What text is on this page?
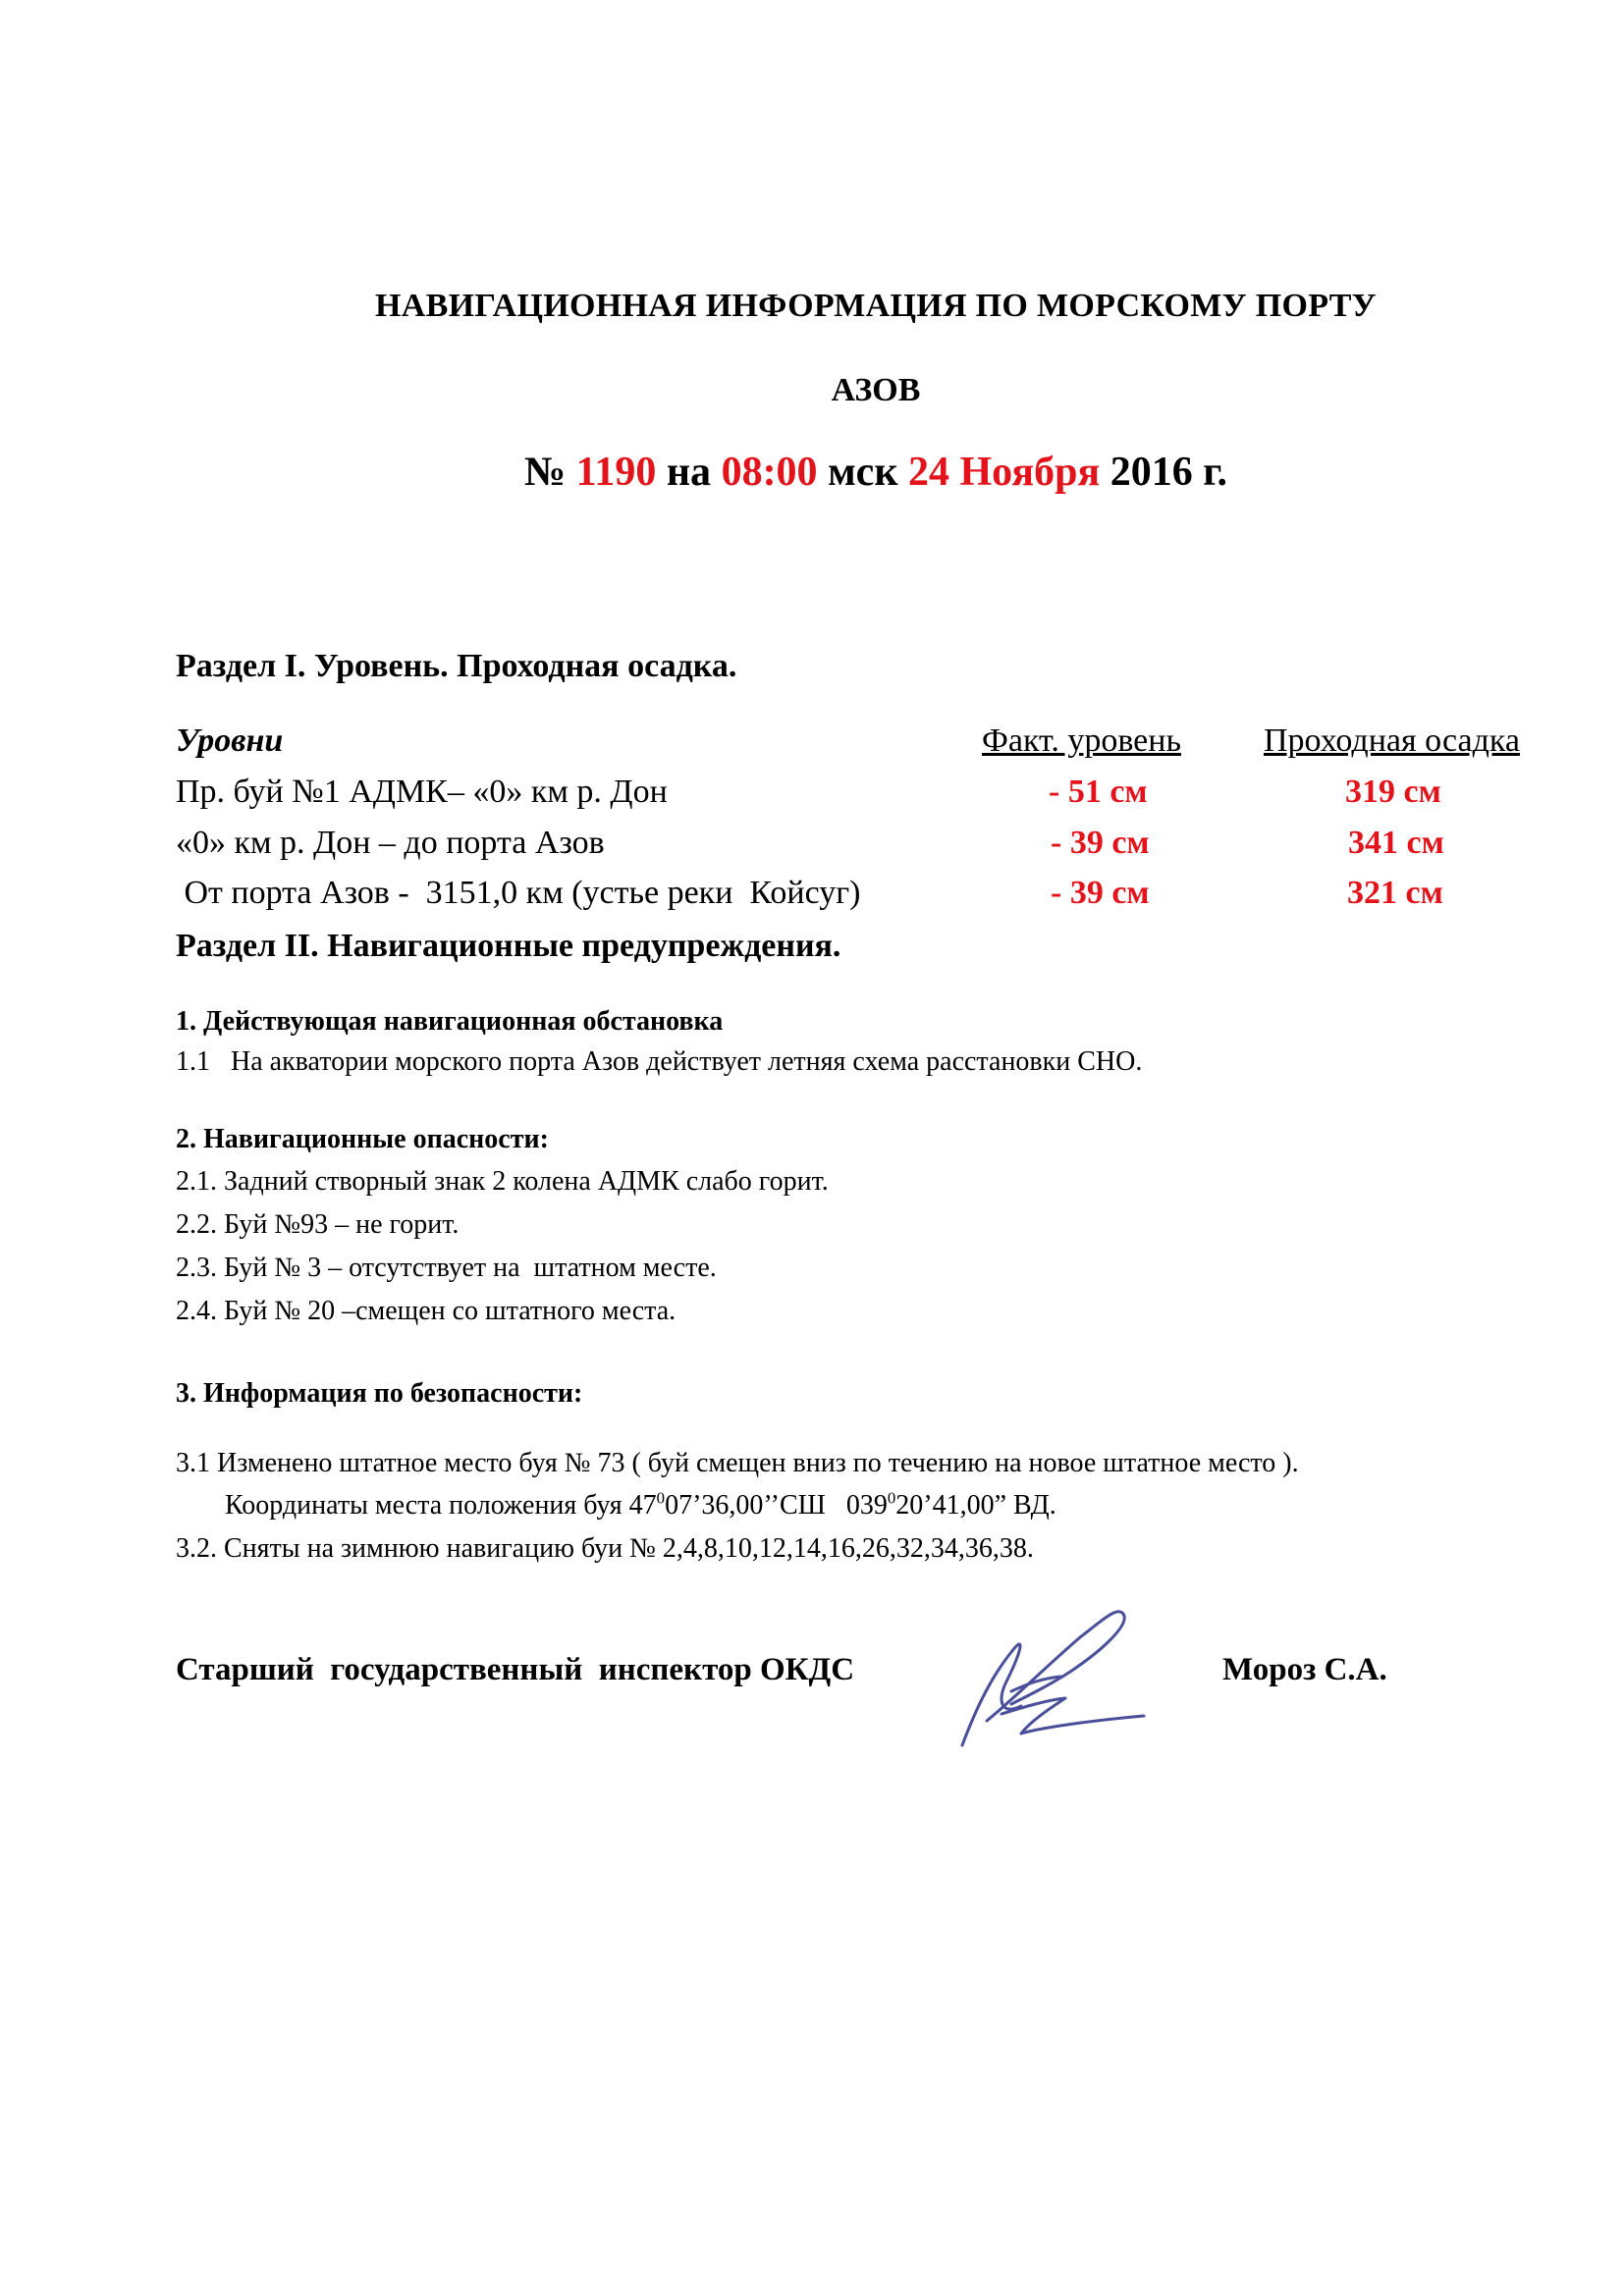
НАВИГАЦИОННАЯ ИНФОРМАЦИЯ ПО МОРСКОМУ ПОРТУ
АЗОВ
№ 1190 на 08:00 мск 24 Ноября 2016 г.
Раздел I. Уровень. Проходная осадка.
Уровни	Факт. уровень Проходная осадка
Пр. буй №1 АДМК– «0» км р. Дон	- 51 см	319 см
«0» км р. Дон – до порта Азов	- 39 см	341 см
От порта Азов -  3151,0 км (устье реки  Койсуг)	- 39 см	321 см
Раздел II. Навигационные предупреждения.
1. Действующая навигационная обстановка
1.1   На акватории морского порта Азов действует летняя схема расстановки СНО.
2. Навигационные опасности:
2.1. Задний створный знак 2 колена АДМК слабо горит.
2.2. Буй №93 – не горит.
2.3. Буй № 3 – отсутствует на  штатном месте.
2.4. Буй № 20 –смещен со штатного места.
3. Информация по безопасности:
3.1 Изменено штатное место буя № 73 ( буй смещен вниз по течению на новое штатное место ).
Координаты места положения буя $47^007’36,00’’СШ$   $039^020’41,00$” ВД.
3.2. Сняты на зимнюю навигацию буи № 2,4,8,10,12,14,16,26,32,34,36,38.
Старший  государственный  инспектор ОКДС	Мороз С.А.
